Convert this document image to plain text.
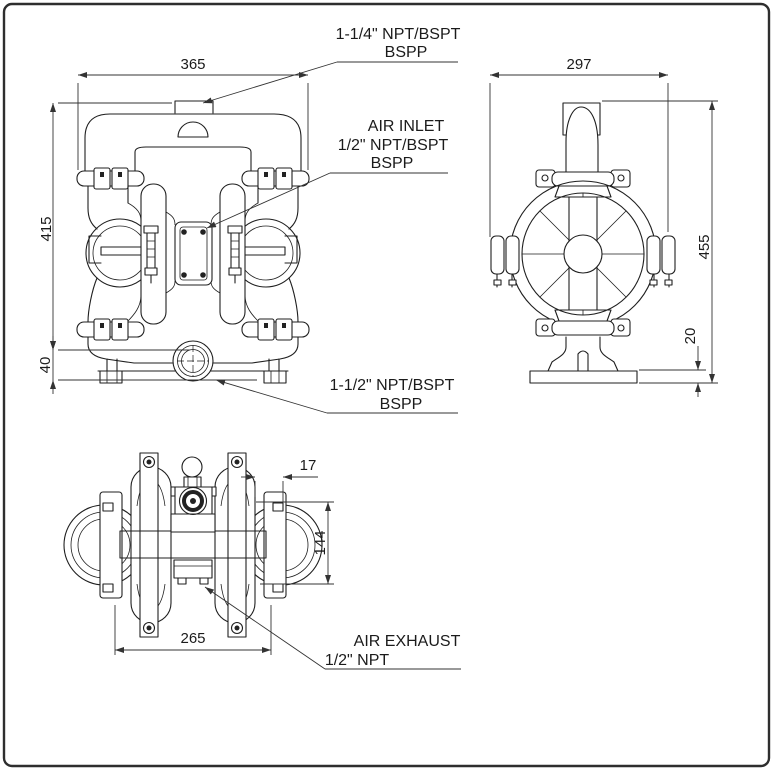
365	297
415
40
455
20
17
144
265
1-1/4" NPT/BSPT
BSPP
AIR INLET
1/2" NPT/BSPT
BSPP
1-1/2" NPT/BSPT
BSPP
AIR EXHAUST
1/2" NPT
